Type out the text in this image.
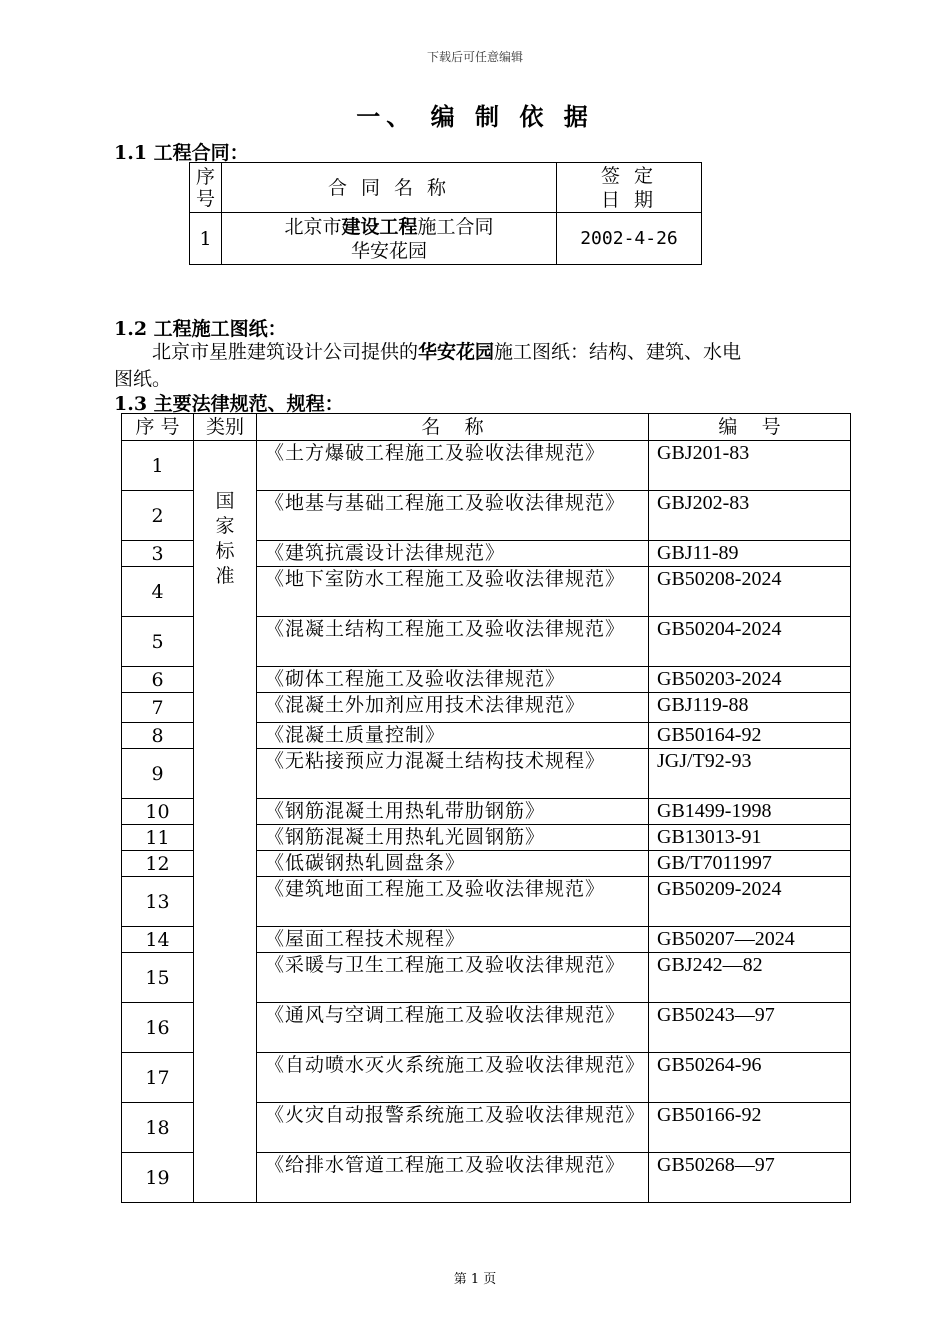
下载后可任意编辑
一、 编 制 依 据
1.1 工程合同：
序
号	合 同 名 称	签 定
日 期
1	北京市建设工程施工合同
华安花园	2002-4-26
1.2 工程施工图纸：
北京市星胜建筑设计公司提供的华安花园施工图纸：结构、建筑、水电
图纸。
1.3 主要法律规范、规程：
序 号	类别	名    称	编    号
1	国
家
标
准	《土方爆破工程施工及验收法律规范》	GBJ201-83
2		《地基与基础工程施工及验收法律规范》	GBJ202-83
3		《建筑抗震设计法律规范》	GBJ11-89
4		《地下室防水工程施工及验收法律规范》	GB50208-2024
5		《混凝土结构工程施工及验收法律规范》	GB50204-2024
6		《砌体工程施工及验收法律规范》	GB50203-2024
7		《混凝土外加剂应用技术法律规范》	GBJ119-88
8		《混凝土质量控制》	GB50164-92
9		《无粘接预应力混凝土结构技术规程》	JGJ/T92-93
10		《钢筋混凝土用热轧带肋钢筋》	GB1499-1998
11		《钢筋混凝土用热轧光圆钢筋》	GB13013-91
12		《低碳钢热轧圆盘条》	GB/T7011997
13		《建筑地面工程施工及验收法律规范》	GB50209-2024
14		《屋面工程技术规程》	GB50207—2024
15		《采暖与卫生工程施工及验收法律规范》	GBJ242—82
16		《通风与空调工程施工及验收法律规范》	GB50243—97
17		《自动喷水灭火系统施工及验收法律规范》	GB50264-96
18		《火灾自动报警系统施工及验收法律规范》	GB50166-92
19		《给排水管道工程施工及验收法律规范》	GB50268—97
第 1 页
